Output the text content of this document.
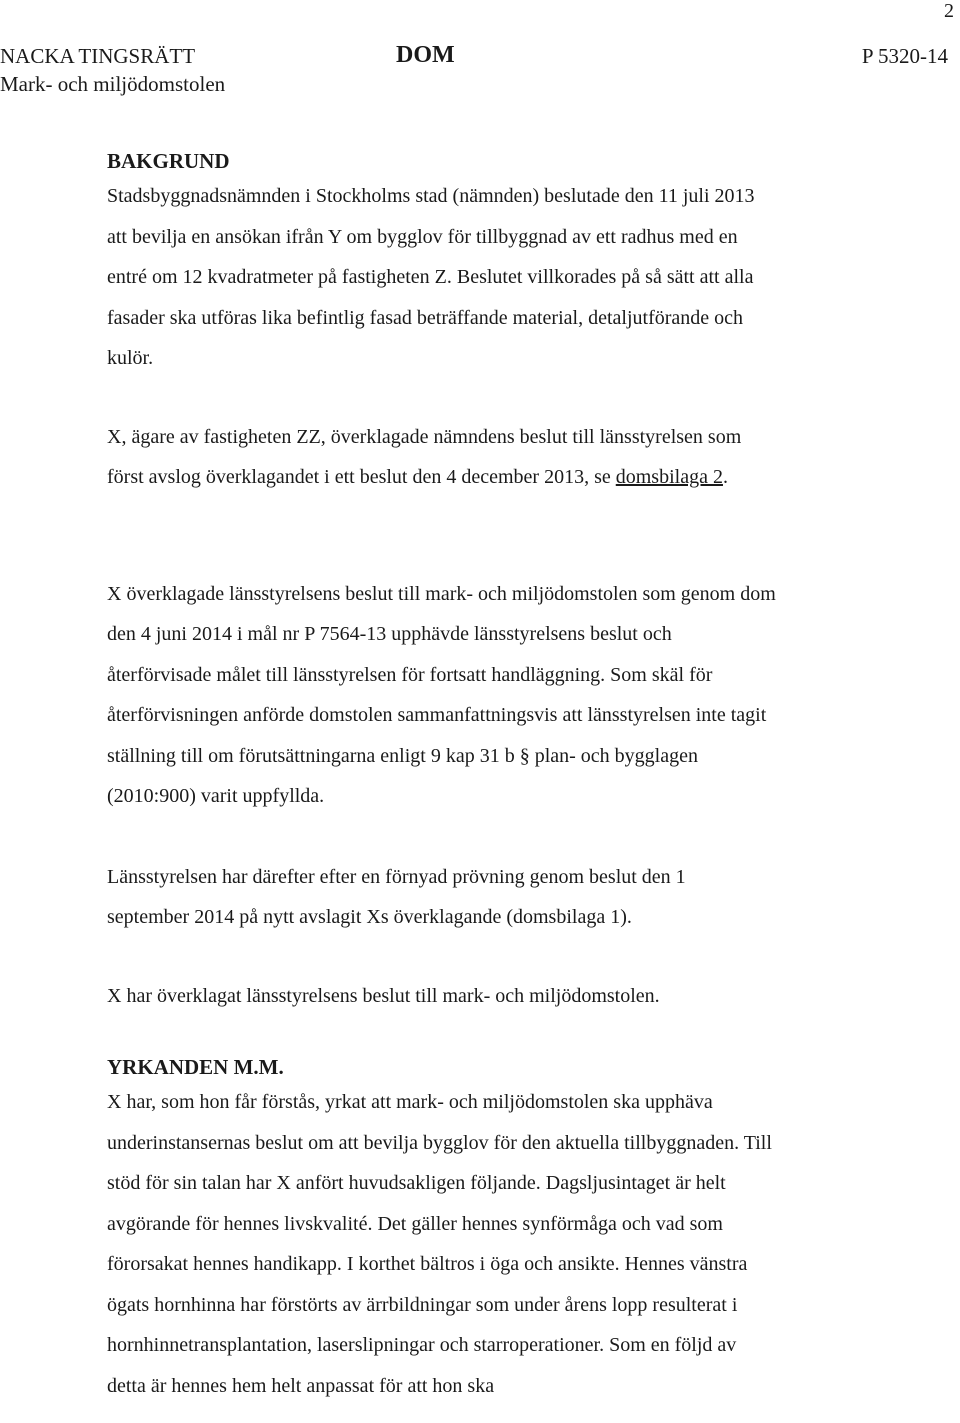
2
NACKA TINGSRÄTT
Mark- och miljödomstolen
DOM	P 5320-14
BAKGRUND

Stadsbyggnadsnämnden i Stockholms stad (nämnden) beslutade den 11 juli 2013

att bevilja en ansökan ifrån Y om bygglov för tillbyggnad av ett radhus med en

entré om 12 kvadratmeter på fastigheten Z. Beslutet villkorades på så sätt att alla

fasader ska utföras lika befintlig fasad beträffande material, detaljutförande och

kulör.

X, ägare av fastigheten ZZ, överklagade nämndens beslut till länsstyrelsen som

först avslog överklagandet i ett beslut den 4 december 2013, se domsbilaga 2.

X överklagade länsstyrelsens beslut till mark- och miljödomstolen som genom dom

den 4 juni 2014 i mål nr P 7564-13 upphävde länsstyrelsens beslut och

återförvisade målet till länsstyrelsen för fortsatt handläggning. Som skäl för

återförvisningen anförde domstolen sammanfattningsvis att länsstyrelsen inte tagit

ställning till om förutsättningarna enligt 9 kap 31 b § plan- och bygglagen

(2010:900) varit uppfyllda.

Länsstyrelsen har därefter efter en förnyad prövning genom beslut den 1

september 2014 på nytt avslagit Xs överklagande (domsbilaga 1).

X har överklagat länsstyrelsens beslut till mark- och miljödomstolen.

YRKANDEN M.M.

X har, som hon får förstås, yrkat att mark- och miljödomstolen ska upphäva

underinstansernas beslut om att bevilja bygglov för den aktuella tillbyggnaden. Till

stöd för sin talan har X anfört huvudsakligen följande. Dagsljusintaget är helt

avgörande för hennes livskvalité. Det gäller hennes synförmåga och vad som

förorsakat hennes handikapp. I korthet bältros i öga och ansikte. Hennes vänstra

ögats hornhinna har förstörts av ärrbildningar som under årens lopp resulterat i

hornhinnetransplantation, laserslipningar och starroperationer. Som en följd av

detta är hennes hem helt anpassat för att hon ska
